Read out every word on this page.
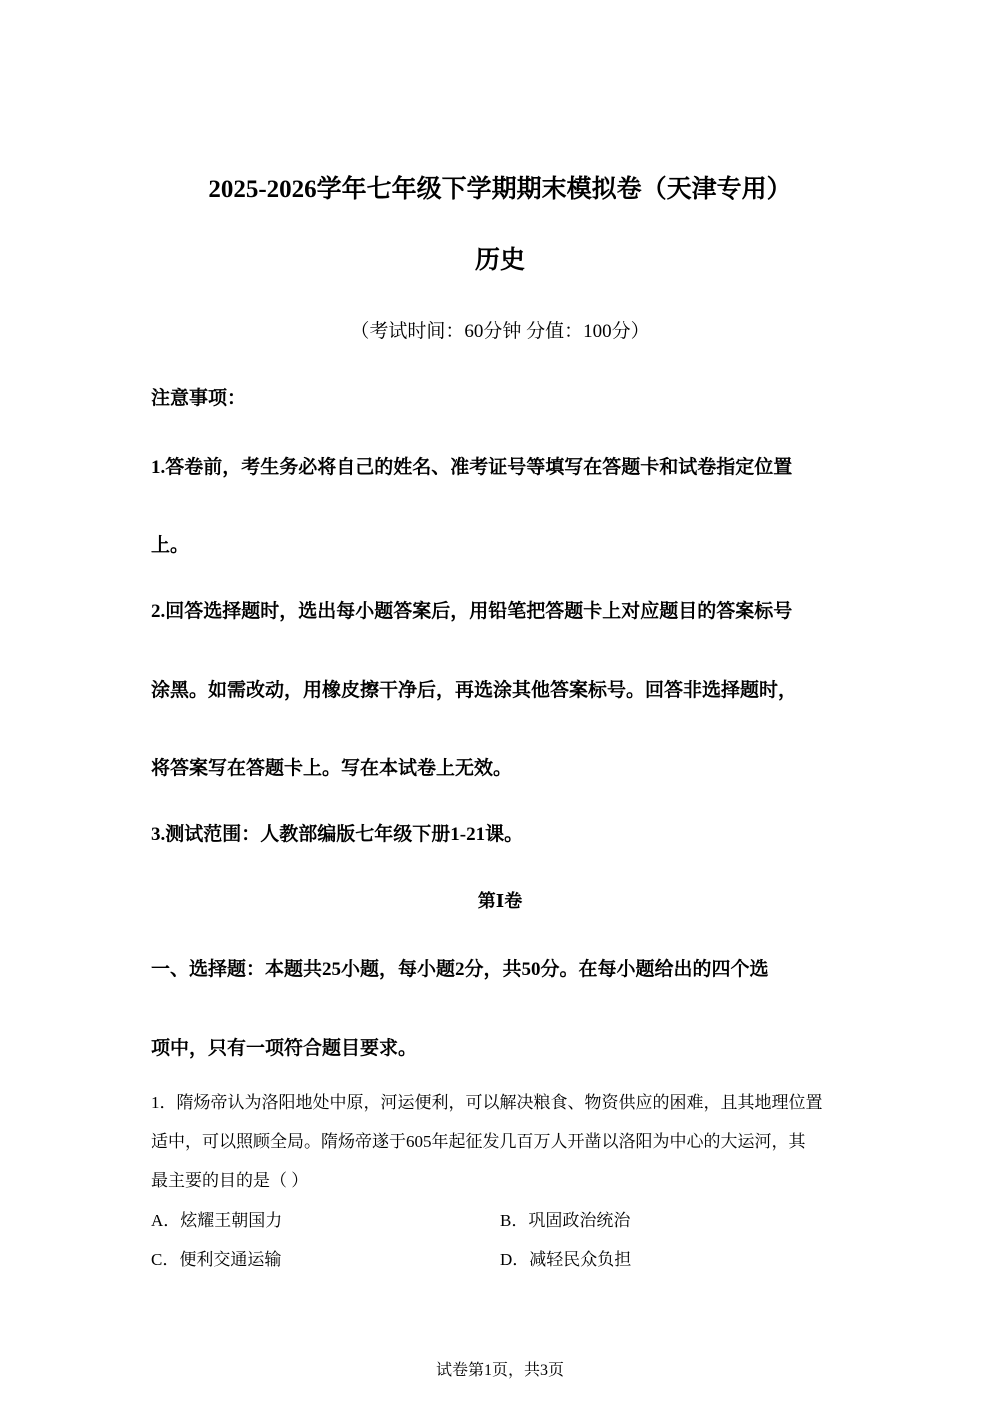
2025-2026学年七年级下学期期末模拟卷（天津专用）
历史
（考试时间：60分钟 分值：100分）
注意事项：
1.答卷前，考生务必将自己的姓名、准考证号等填写在答题卡和试卷指定位置
上。
2.回答选择题时，选出每小题答案后，用铅笔把答题卡上对应题目的答案标号
涂黑。如需改动，用橡皮擦干净后，再选涂其他答案标号。回答非选择题时，
将答案写在答题卡上。写在本试卷上无效。
3.测试范围：人教部编版七年级下册1-21课。
第Ⅰ卷
一、选择题：本题共25小题，每小题2分，共50分。在每小题给出的四个选
项中，只有一项符合题目要求。
1．隋炀帝认为洛阳地处中原，河运便利，可以解决粮食、物资供应的困难，且其地理位置
适中，可以照顾全局。隋炀帝遂于605年起征发几百万人开凿以洛阳为中心的大运河，其
最主要的目的是（ ）
A．炫耀王朝国力	B．巩固政治统治
C．便利交通运输	D．减轻民众负担
试卷第1页，共3页
